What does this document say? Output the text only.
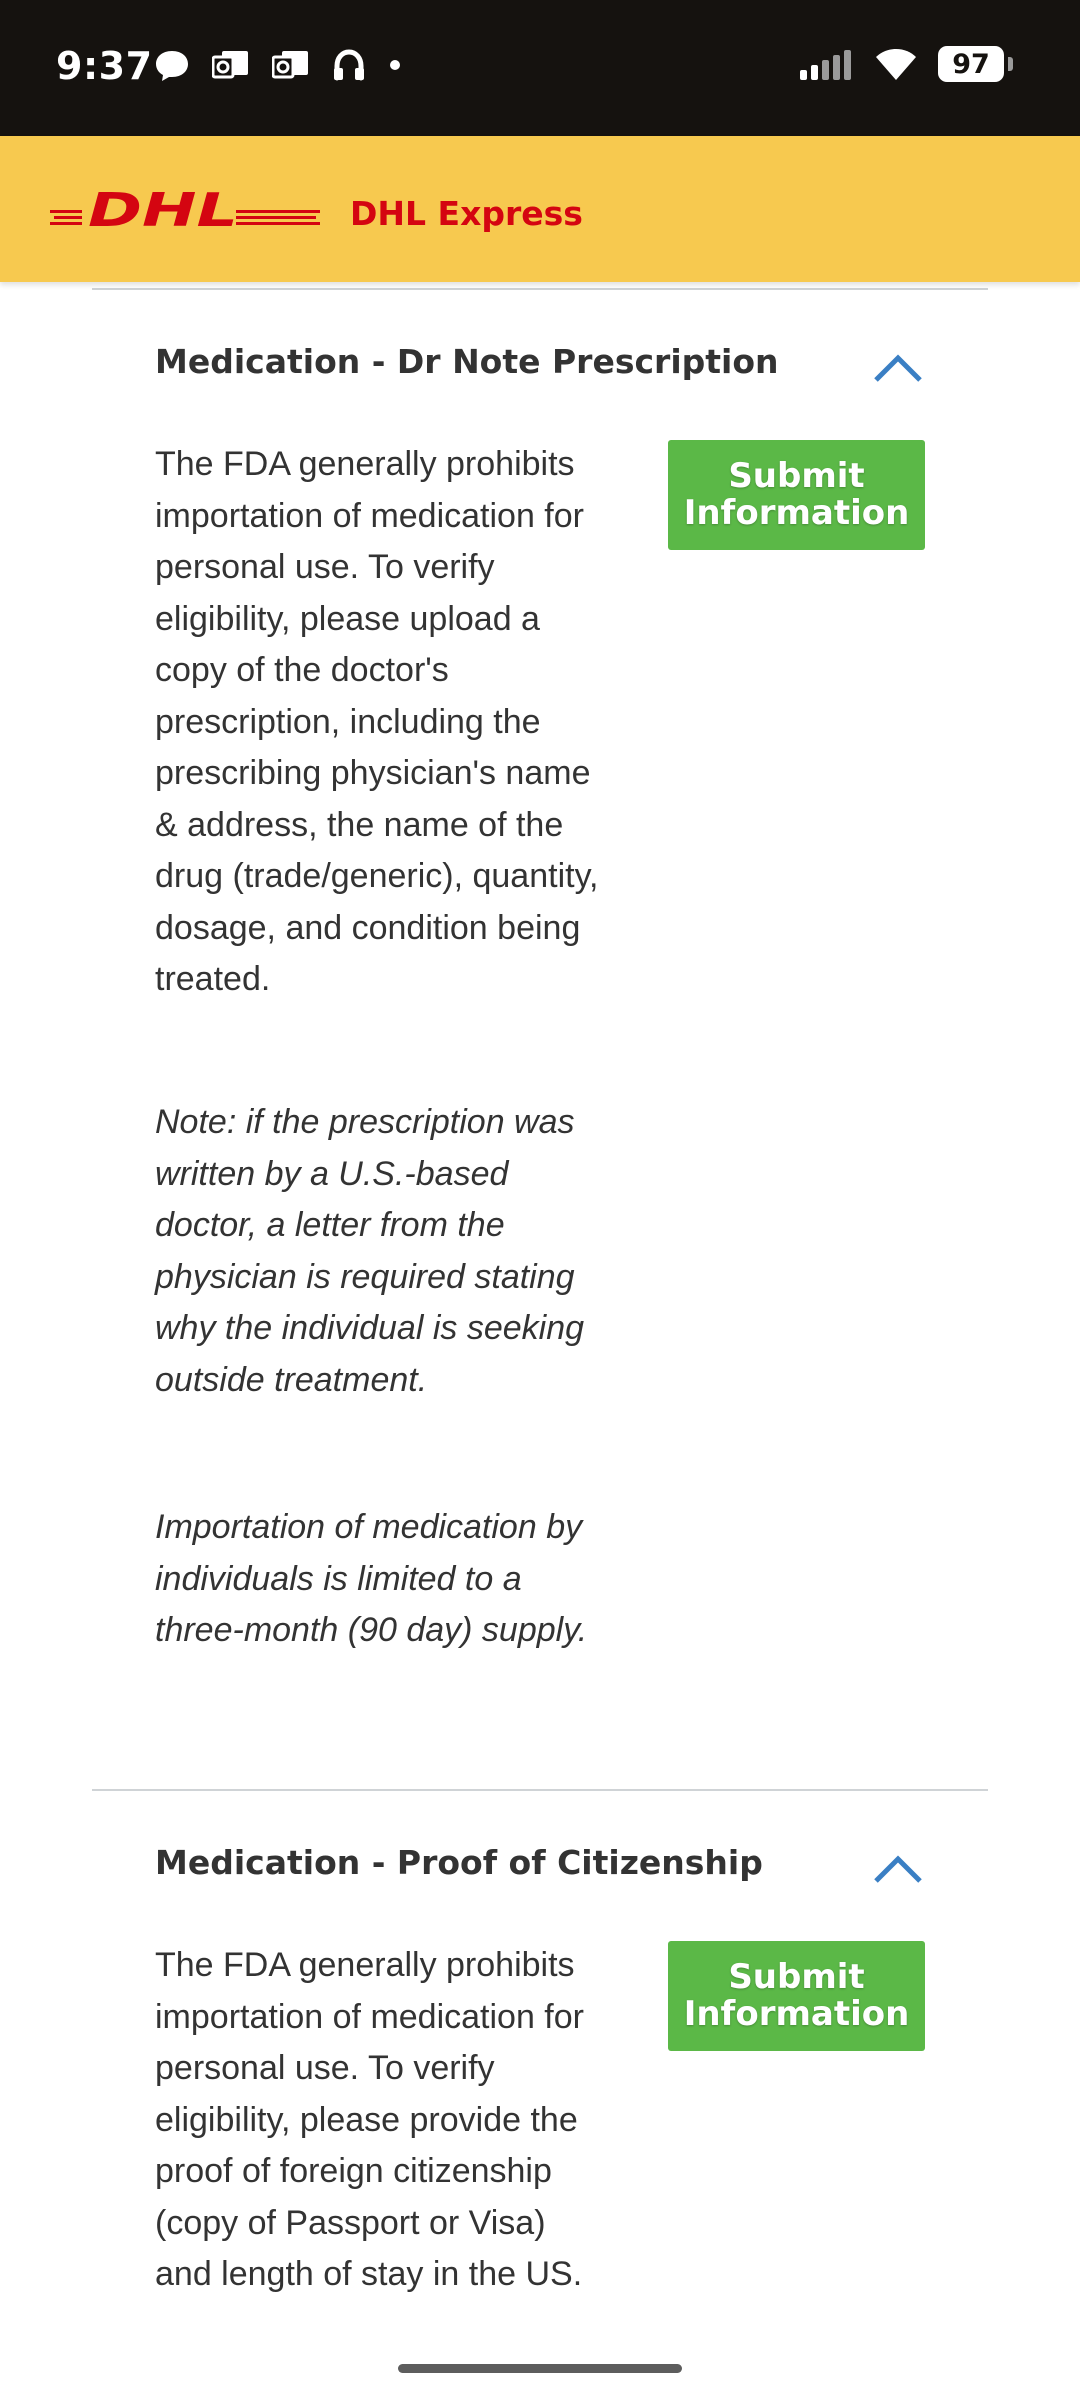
9:37	97
DHL	DHL Express
Medication - Dr Note Prescription
Submit
Information

The FDA generally prohibits importation of medication for personal use. To verify eligibility, please upload a copy of the doctor's prescription, including the prescribing physician's name & address, the name of the drug (trade/generic), quantity, dosage, and condition being treated.

Note: if the prescription was written by a U.S.-based doctor, a letter from the physician is required stating why the individual is seeking outside treatment.

Importation of medication by individuals is limited to a three-month (90 day) supply.

Medication - Proof of Citizenship
Submit
Information

The FDA generally prohibits importation of medication for personal use. To verify eligibility, please provide the proof of foreign citizenship (copy of Passport or Visa) and length of stay in the US.
